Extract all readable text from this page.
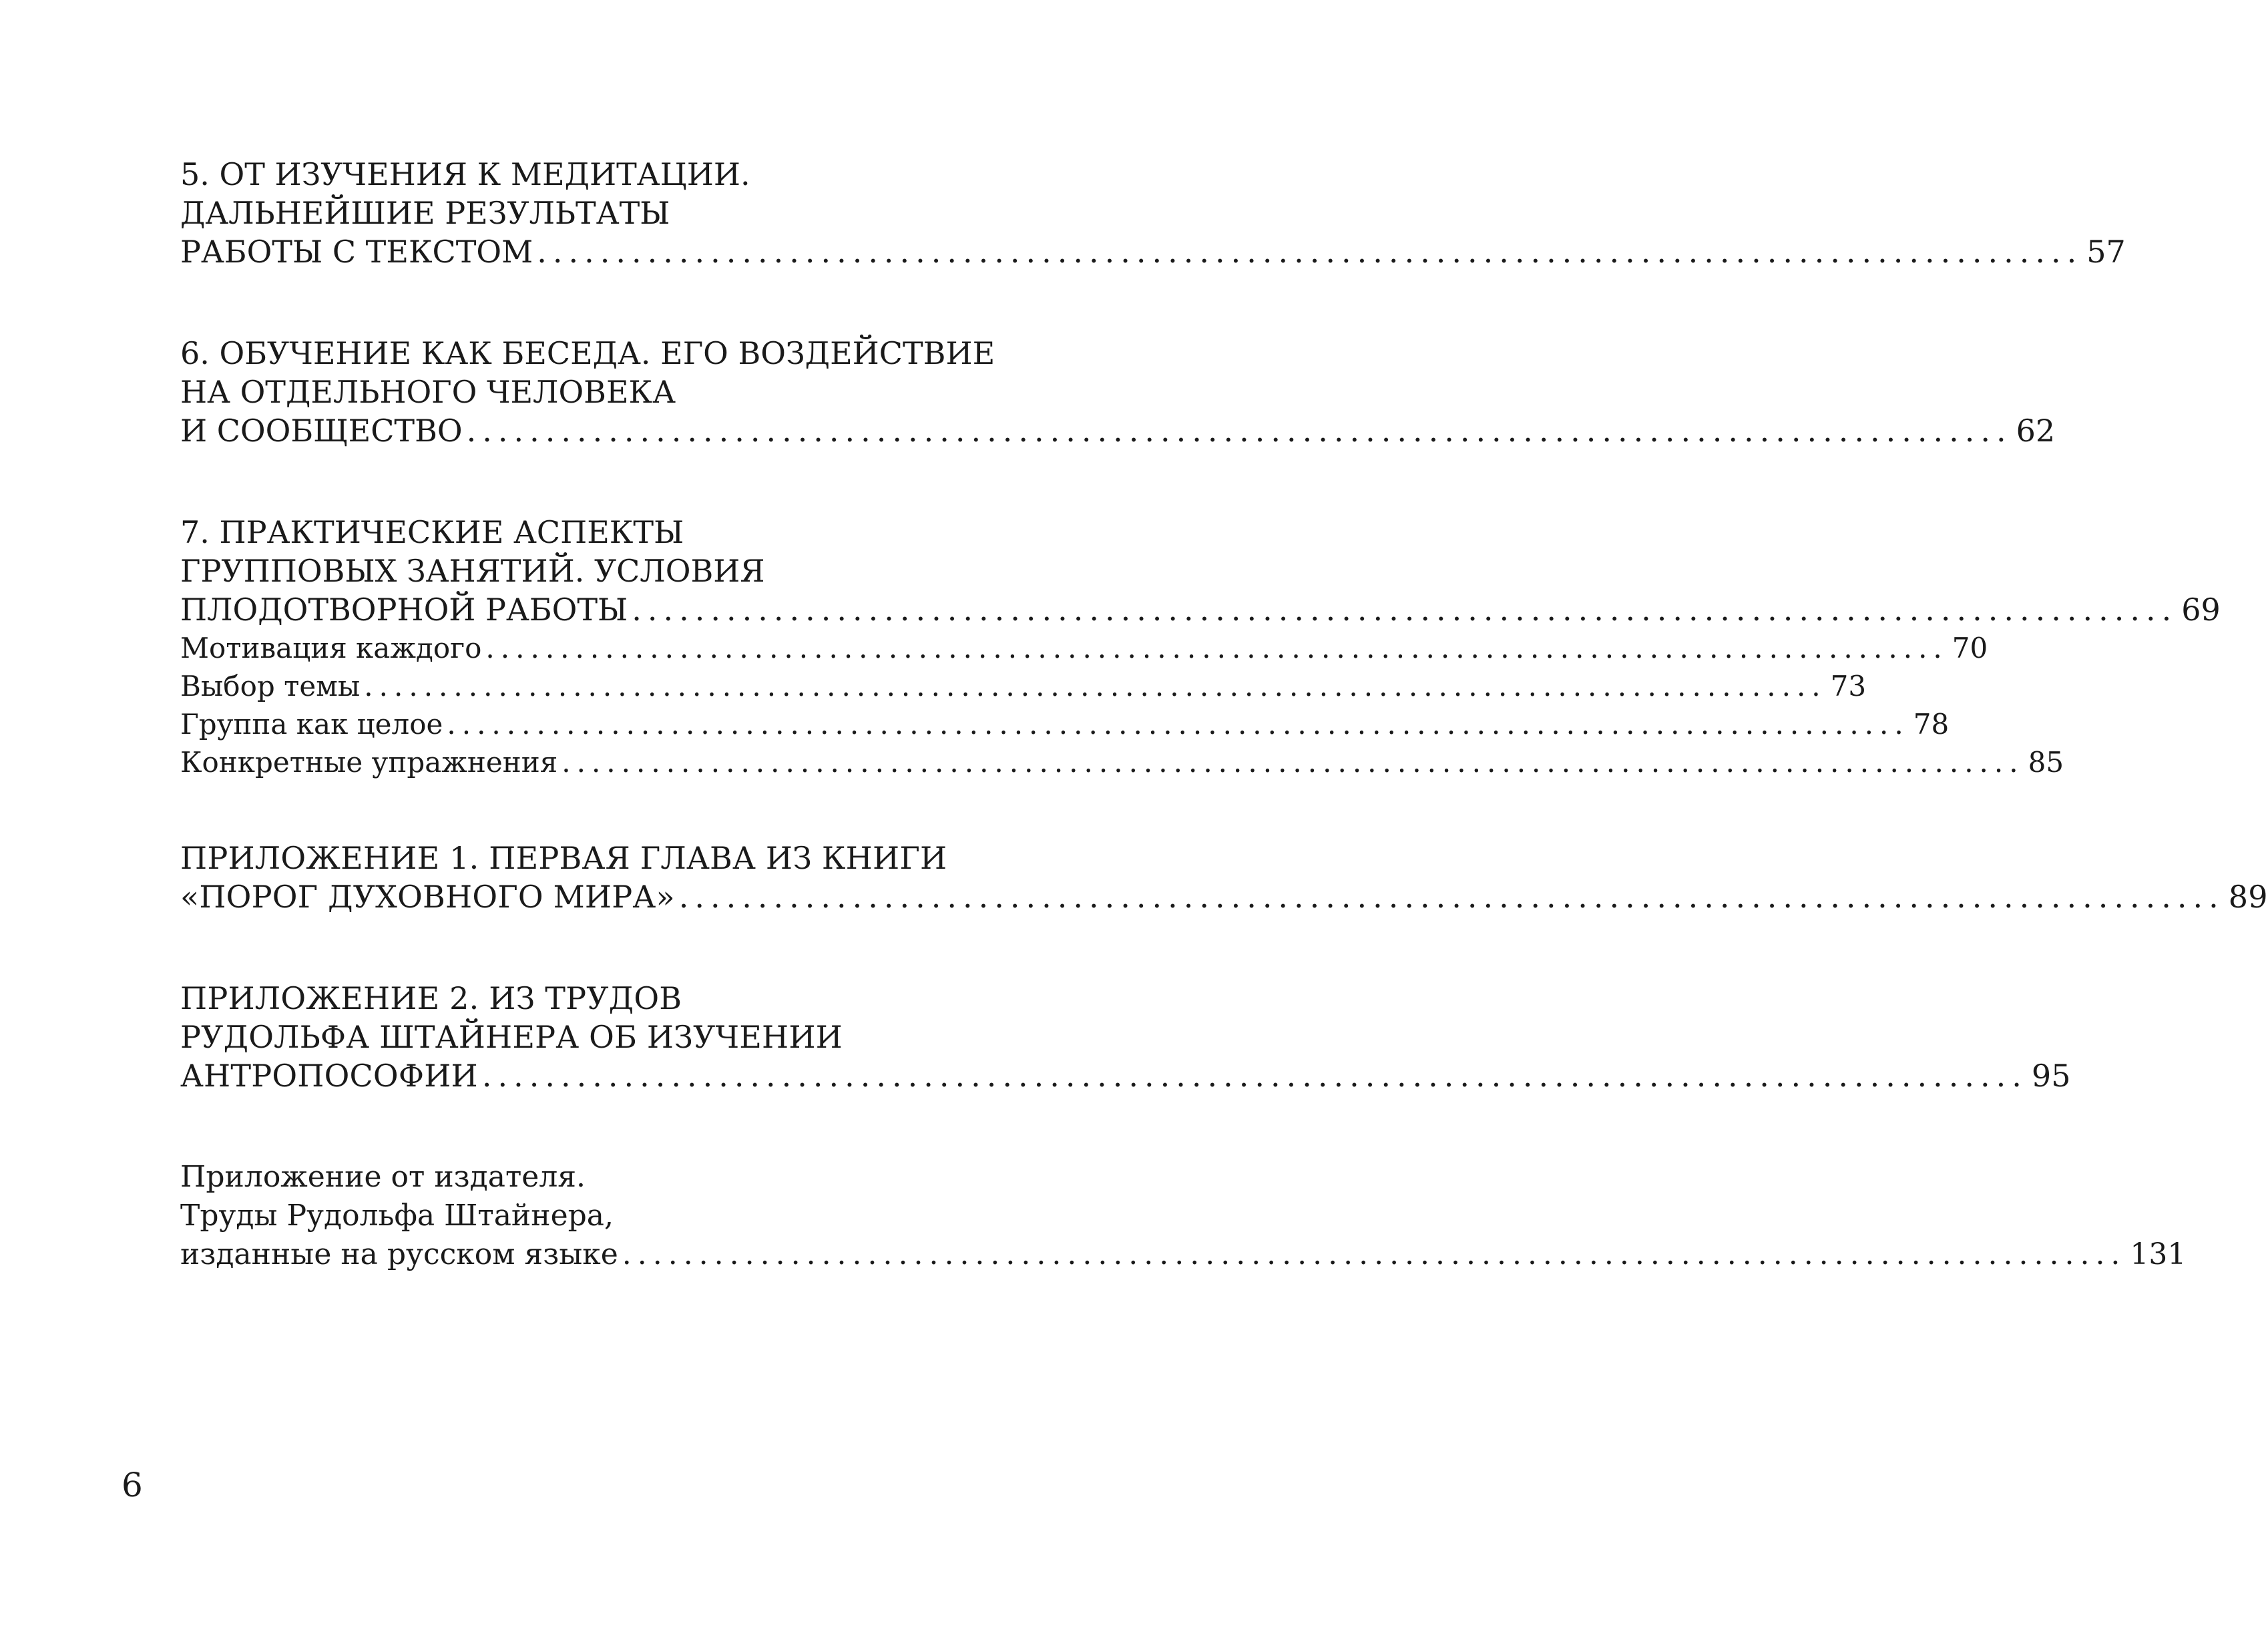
5. ОТ ИЗУЧЕНИЯ К МЕДИТАЦИИ.
ДАЛЬНЕЙШИЕ РЕЗУЛЬТАТЫ
РАБОТЫ С ТЕКСТОМ .................................................................................................. 57
6. ОБУЧЕНИЕ КАК БЕСЕДА. ЕГО ВОЗДЕЙСТВИЕ
НА ОТДЕЛЬНОГО ЧЕЛОВЕКА
И СООБЩЕСТВО .................................................................................................. 62
7. ПРАКТИЧЕСКИЕ АСПЕКТЫ
ГРУППОВЫХ ЗАНЯТИЙ. УСЛОВИЯ
ПЛОДОТВОРНОЙ РАБОТЫ .................................................................................................. 69
Мотивация каждого .................................................................................................. 70
Выбор темы .................................................................................................. 73
Группа как целое .................................................................................................. 78
Конкретные упражнения .................................................................................................. 85
ПРИЛОЖЕНИЕ 1. ПЕРВАЯ ГЛАВА ИЗ КНИГИ
«ПОРОГ ДУХОВНОГО МИРА» .................................................................................................. 89
ПРИЛОЖЕНИЕ 2. ИЗ ТРУДОВ
РУДОЛЬФА ШТАЙНЕРА ОБ ИЗУЧЕНИИ
АНТРОПОСОФИИ .................................................................................................. 95
Приложение от издателя.
Труды Рудольфа Штайнера,
изданные на русском языке .................................................................................................. 131
6
